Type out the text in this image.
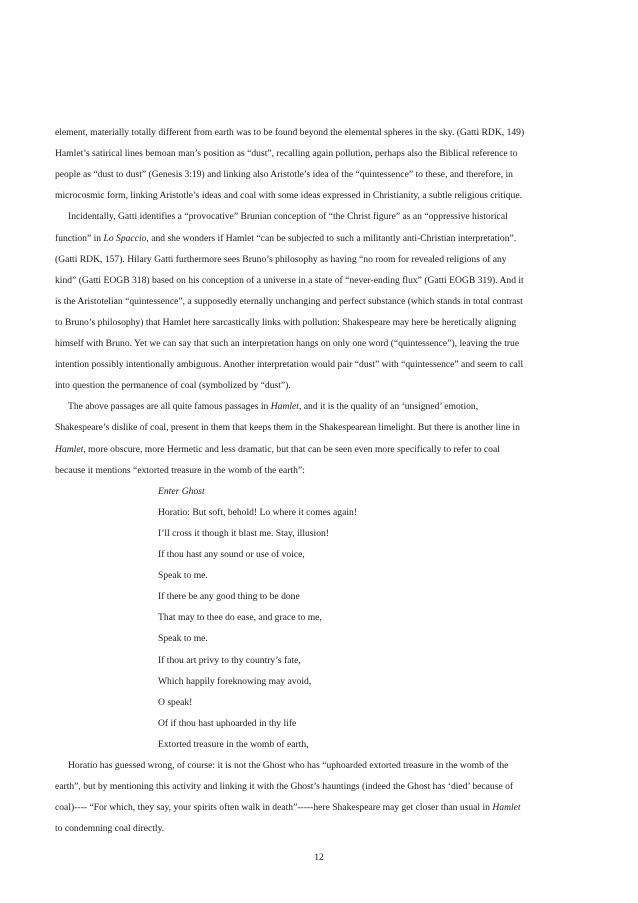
element, materially totally different from earth was to be found beyond the elemental spheres in the sky. (Gatti RDK, 149)
Hamlet’s satirical lines bemoan man’s position as “dust”, recalling again pollution, perhaps also the Biblical reference to
people as “dust to dust” (Genesis 3:19) and linking also Aristotle’s idea of the “quintessence” to these, and therefore, in
microcosmic form, linking Aristotle’s ideas and coal with some ideas expressed in Christianity, a subtle religious critique.
Incidentally, Gatti identifies a “provocative” Brunian conception of “the Christ figure” as an “oppressive historical
function” in Lo Spaccio, and she wonders if Hamlet “can be subjected to such a militantly anti-Christian interpretation”.
(Gatti RDK, 157). Hilary Gatti furthermore sees Bruno’s philosophy as having “no room for revealed religions of any
kind” (Gatti EOGB 318) based on his conception of a universe in a state of “never-ending flux” (Gatti EOGB 319). And it
is the Aristotelian “quintessence”, a supposedly eternally unchanging and perfect substance (which stands in total contrast
to Bruno’s philosophy) that Hamlet here sarcastically links with pollution: Shakespeare may here be heretically aligning
himself with Bruno. Yet we can say that such an interpretation hangs on only one word (“quintessence”), leaving the true
intention possibly intentionally ambiguous. Another interpretation would pair “dust” with “quintessence” and seem to call
into question the permanence of coal (symbolized by “dust”).
The above passages are all quite famous passages in Hamlet, and it is the quality of an ‘unsigned’ emotion,
Shakespeare’s dislike of coal, present in them that keeps them in the Shakespearean limelight. But there is another line in
Hamlet, more obscure, more Hermetic and less dramatic, but that can be seen even more specifically to refer to coal
because it mentions “extorted treasure in the womb of the earth”:
Enter Ghost
Horatio: But soft, behold! Lo where it comes again!
I’ll cross it though it blast me. Stay, illusion!
If thou hast any sound or use of voice,
Speak to me.
If there be any good thing to be done
That may to thee do ease, and grace to me,
Speak to me.
If thou art privy to thy country’s fate,
Which happily foreknowing may avoid,
O speak!
Of if thou hast uphoarded in thy life
Extorted treasure in the womb of earth,
Horatio has guessed wrong, of course: it is not the Ghost who has “uphoarded extorted treasure in the womb of the
earth”, but by mentioning this activity and linking it with the Ghost’s hauntings (indeed the Ghost has ‘died’ because of
coal)---- “For which, they say, your spirits often walk in death”-----here Shakespeare may get closer than usual in Hamlet
to condemning coal directly.
12
